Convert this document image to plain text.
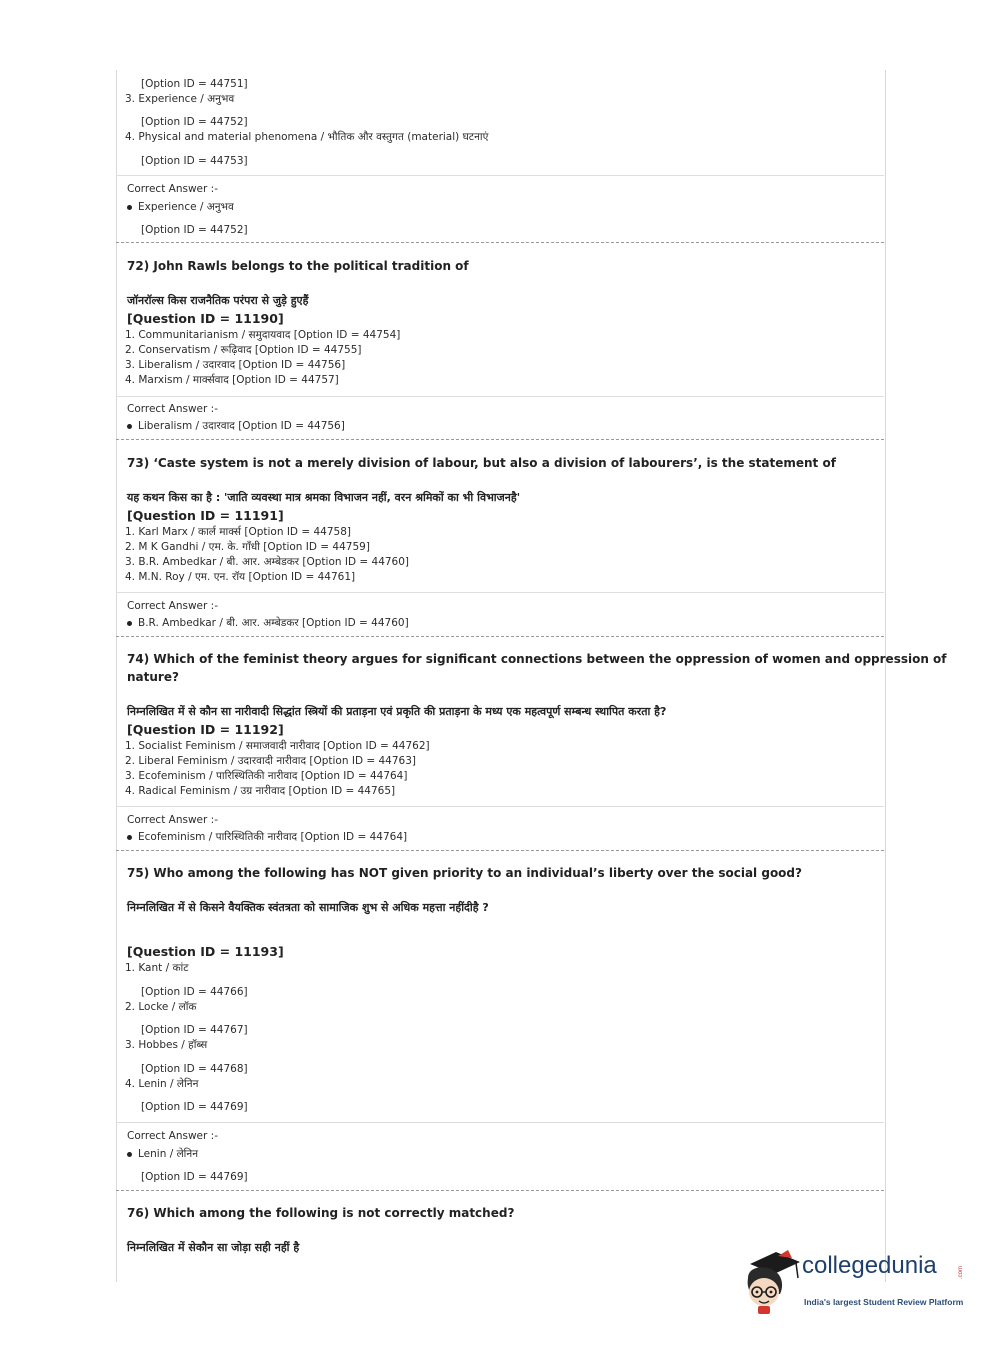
[Option ID = 44751]
3. Experience / अनुभव
[Option ID = 44752]
4. Physical and material phenomena / भौतिक और वस्तुगत (material) घटनाएं
[Option ID = 44753]
Correct Answer :-
Experience / अनुभव
[Option ID = 44752]
72) John Rawls belongs to the political tradition of
जॉनरॉल्स किस राजनैतिक परंपरा से जुड़े हुएहैं
[Question ID = 11190]
1. Communitarianism / समुदायवाद [Option ID = 44754]
2. Conservatism / रूढ़िवाद [Option ID = 44755]
3. Liberalism / उदारवाद [Option ID = 44756]
4. Marxism / मार्क्सवाद [Option ID = 44757]
Correct Answer :-
Liberalism / उदारवाद [Option ID = 44756]
73) ‘Caste system is not a merely division of labour, but also a division of labourers’, is the statement of
यह कथन किस का है : 'जाति व्यवस्था मात्र श्रमका विभाजन नहीं, वरन श्रमिकों का भी विभाजनहै'
[Question ID = 11191]
1. Karl Marx / कार्ल मार्क्स [Option ID = 44758]
2. M K Gandhi / एम. के. गाँधी [Option ID = 44759]
3. B.R. Ambedkar / बी. आर. अम्बेडकर [Option ID = 44760]
4. M.N. Roy / एम. एन. रॉय [Option ID = 44761]
Correct Answer :-
B.R. Ambedkar / बी. आर. अम्बेडकर [Option ID = 44760]
74) Which of the feminist theory argues for significant connections between the oppression of women and oppression of
nature?
निम्नलिखित में से कौन सा नारीवादी सिद्धांत स्त्रियों की प्रताड़ना एवं प्रकृति की प्रताड़ना के मध्य एक महत्वपूर्ण सम्बन्ध स्थापित करता है?
[Question ID = 11192]
1. Socialist Feminism / समाजवादी नारीवाद [Option ID = 44762]
2. Liberal Feminism / उदारवादी नारीवाद [Option ID = 44763]
3. Ecofeminism / पारिस्थितिकी नारीवाद [Option ID = 44764]
4. Radical Feminism / उग्र नारीवाद [Option ID = 44765]
Correct Answer :-
Ecofeminism / पारिस्थितिकी नारीवाद [Option ID = 44764]
75) Who among the following has NOT given priority to an individual’s liberty over the social good?
निम्नलिखित में से किसने वैयक्तिक स्वंतत्रता को सामाजिक शुभ से अधिक महत्ता नहींदीहै ?
[Question ID = 11193]
1. Kant / कांट
[Option ID = 44766]
2. Locke / लॉक
[Option ID = 44767]
3. Hobbes / हॉब्स
[Option ID = 44768]
4. Lenin / लेनिन
[Option ID = 44769]
Correct Answer :-
Lenin / लेनिन
[Option ID = 44769]
76) Which among the following is not correctly matched?
निम्नलिखित में सेकौन सा जोड़ा सही नहीं है
collegedunia	.com
India's largest Student Review Platform
